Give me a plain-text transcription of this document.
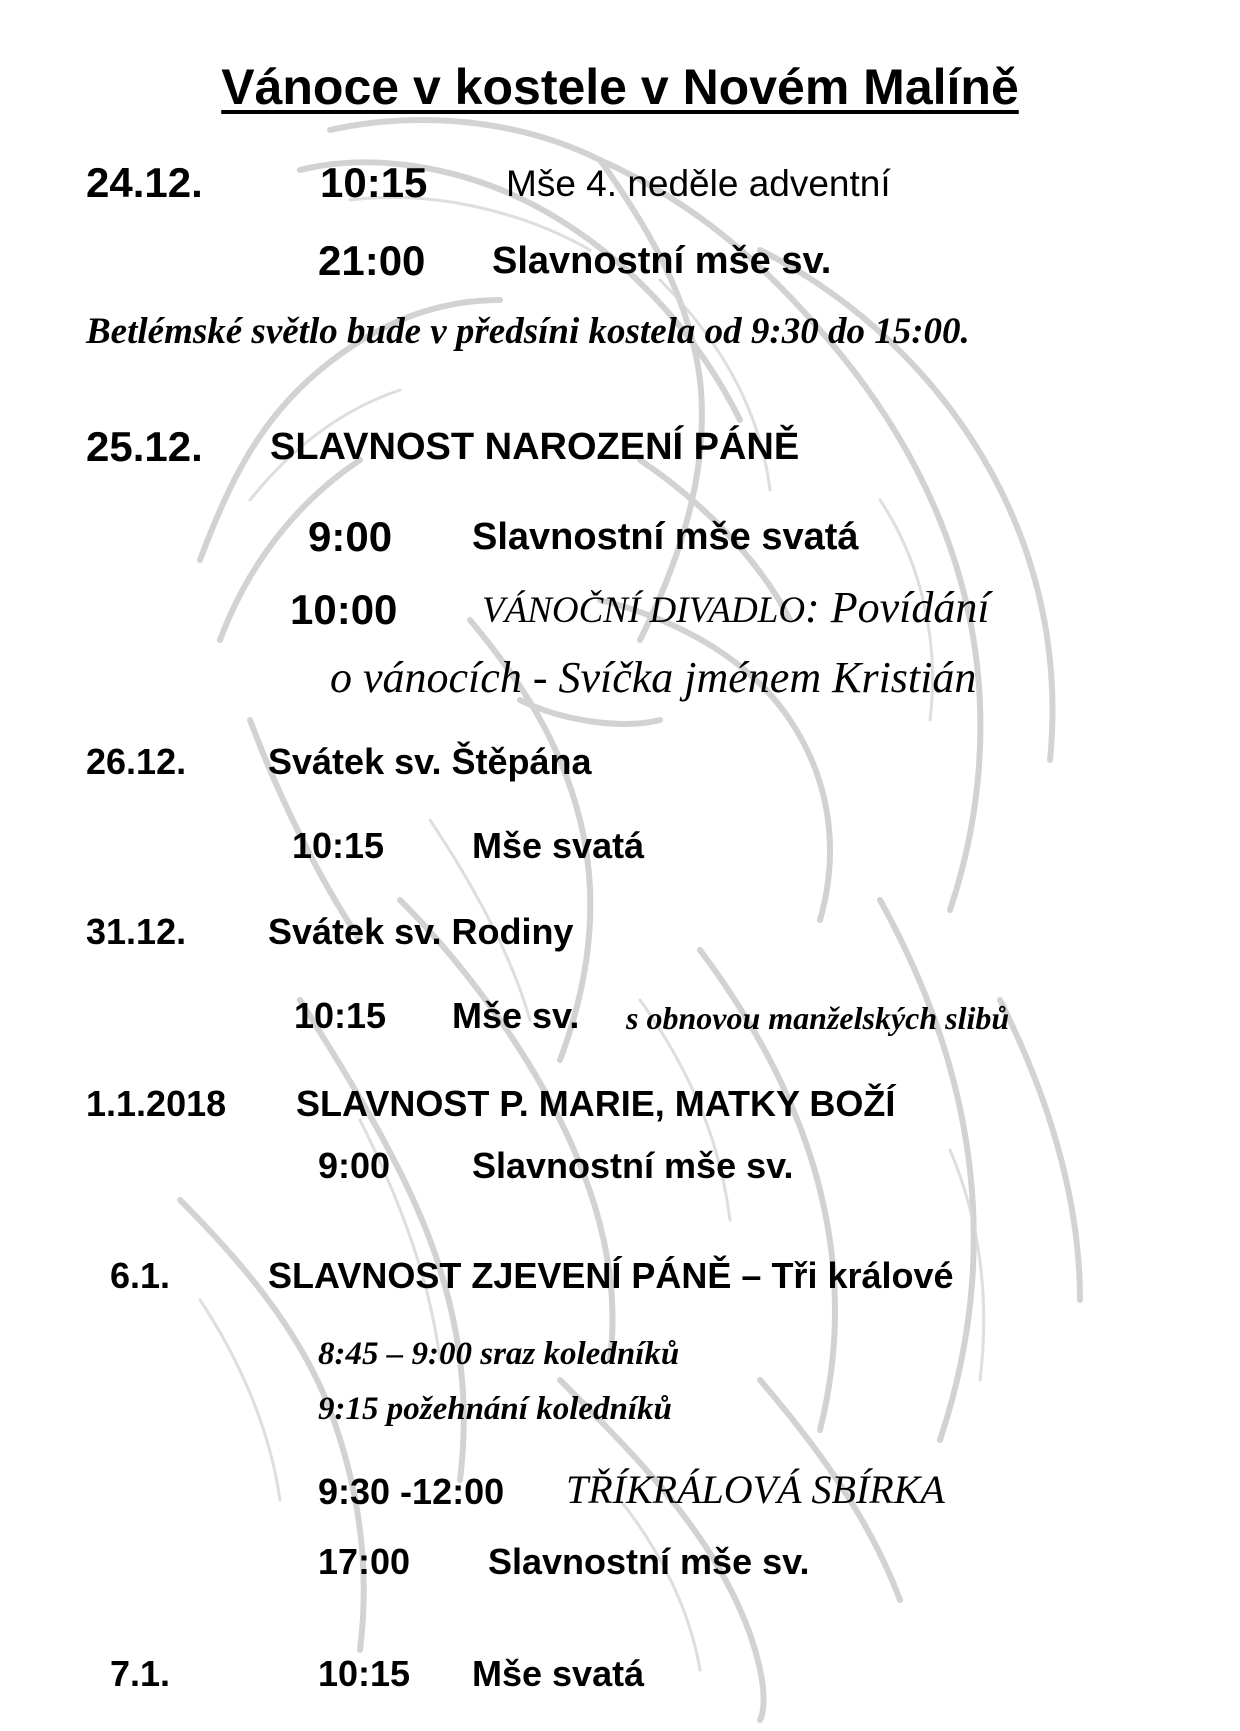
Vánoce v kostele v Novém Malíně
24.12.	10:15 Mše 4. neděle adventní
21:00 Slavnostní mše sv.
Betlémské světlo bude v předsíni kostela od 9:30 do 15:00.
25.12. SLAVNOST NAROZENÍ PÁNĚ
9:00 Slavnostní mše svatá
10:00 VÁNOČNÍ DIVADLO: Povídání
o vánocích - Svíčka jménem Kristián
26.12. Svátek sv. Štěpána
10:15 Mše svatá
31.12. Svátek sv. Rodiny
10:15 Mše sv. s obnovou manželských slibů
1.1.2018 SLAVNOST P. MARIE, MATKY BOŽÍ
9:00 Slavnostní mše sv.
6.1.	SLAVNOST ZJEVENÍ PÁNĚ – Tři králové
8:45 – 9:00 sraz koledníků
9:15 požehnání koledníků
9:30 -12:00 TŘÍKRÁLOVÁ SBÍRKA
17:00 Slavnostní mše sv.
7.1.	10:15 Mše svatá
